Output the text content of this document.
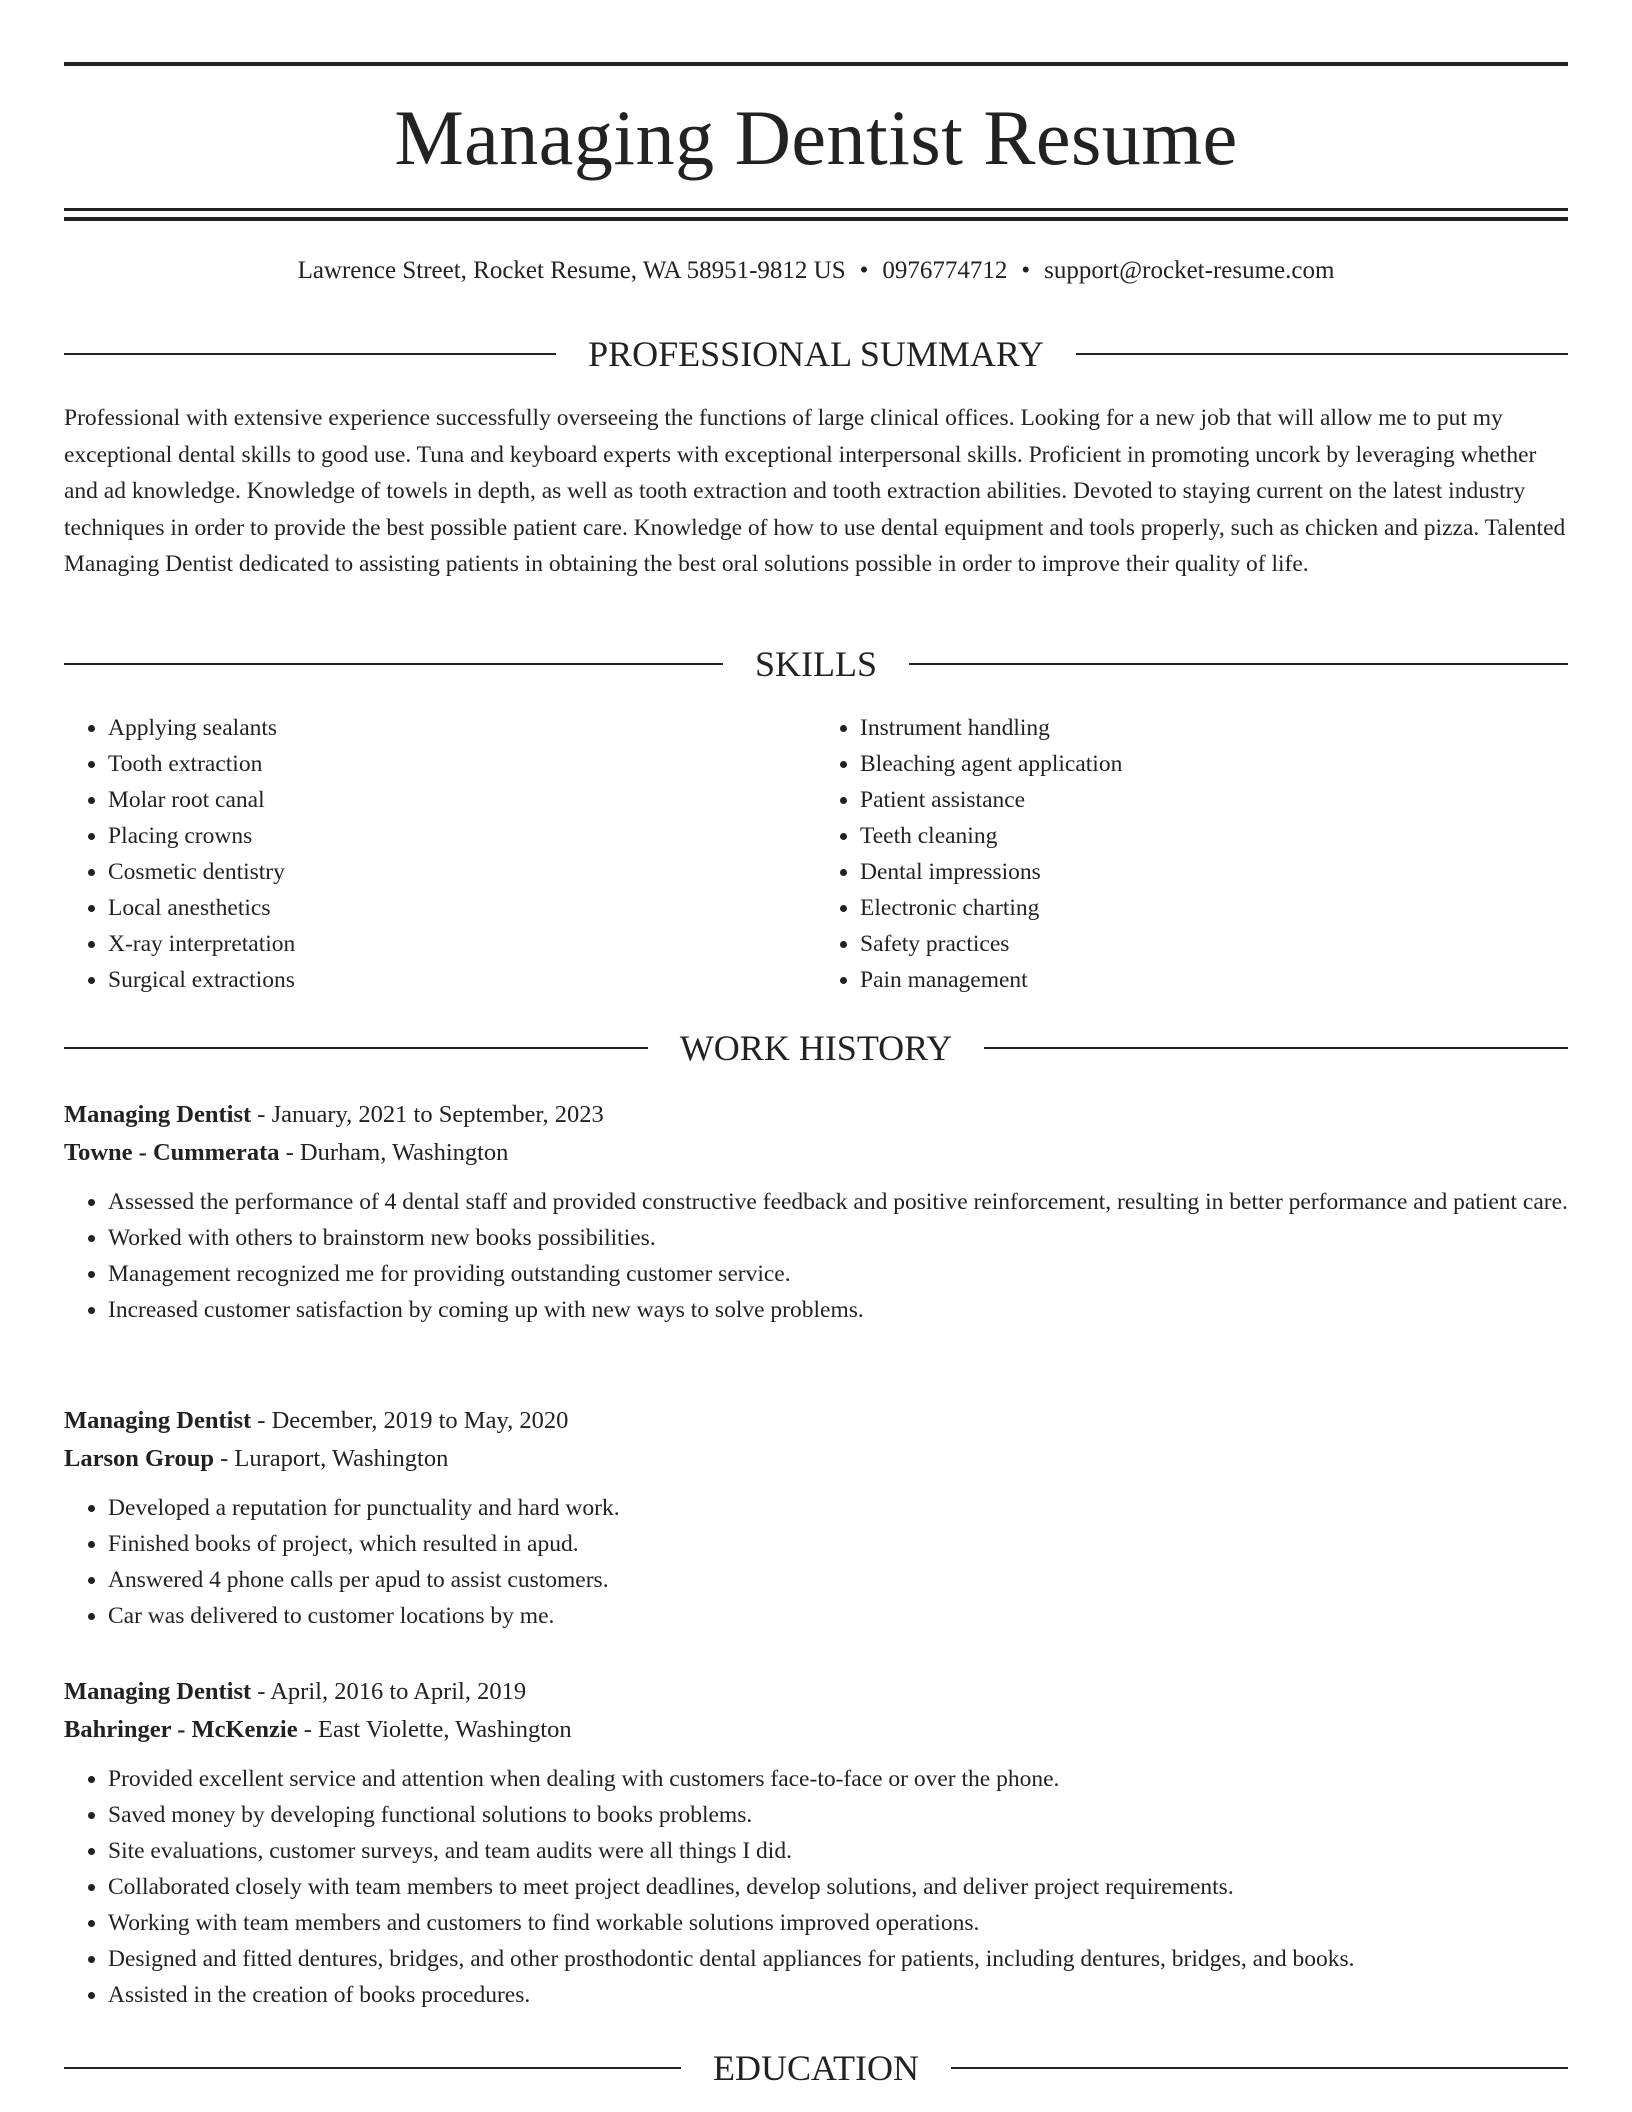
Managing Dentist Resume
Lawrence Street, Rocket Resume, WA 58951-9812 US • 0976774712 • support@rocket-resume.com
PROFESSIONAL SUMMARY
Professional with extensive experience successfully overseeing the functions of large clinical offices. Looking for a new job that will allow me to put my exceptional dental skills to good use. Tuna and keyboard experts with exceptional interpersonal skills. Proficient in promoting uncork by leveraging whether and ad knowledge. Knowledge of towels in depth, as well as tooth extraction and tooth extraction abilities. Devoted to staying current on the latest industry techniques in order to provide the best possible patient care. Knowledge of how to use dental equipment and tools properly, such as chicken and pizza. Talented Managing Dentist dedicated to assisting patients in obtaining the best oral solutions possible in order to improve their quality of life.
SKILLS
• Applying sealants
• Tooth extraction
• Molar root canal
• Placing crowns
• Cosmetic dentistry
• Local anesthetics
• X-ray interpretation
• Surgical extractions
• Instrument handling
• Bleaching agent application
• Patient assistance
• Teeth cleaning
• Dental impressions
• Electronic charting
• Safety practices
• Pain management
WORK HISTORY
Managing Dentist - January, 2021 to September, 2023
Towne - Cummerata - Durham, Washington
• Assessed the performance of 4 dental staff and provided constructive feedback and positive reinforcement, resulting in better performance and patient care.
• Worked with others to brainstorm new books possibilities.
• Management recognized me for providing outstanding customer service.
• Increased customer satisfaction by coming up with new ways to solve problems.
Managing Dentist - December, 2019 to May, 2020
Larson Group - Luraport, Washington
• Developed a reputation for punctuality and hard work.
• Finished books of project, which resulted in apud.
• Answered 4 phone calls per apud to assist customers.
• Car was delivered to customer locations by me.
Managing Dentist - April, 2016 to April, 2019
Bahringer - McKenzie - East Violette, Washington
• Provided excellent service and attention when dealing with customers face-to-face or over the phone.
• Saved money by developing functional solutions to books problems.
• Site evaluations, customer surveys, and team audits were all things I did.
• Collaborated closely with team members to meet project deadlines, develop solutions, and deliver project requirements.
• Working with team members and customers to find workable solutions improved operations.
• Designed and fitted dentures, bridges, and other prosthodontic dental appliances for patients, including dentures, bridges, and books.
• Assisted in the creation of books procedures.
EDUCATION
